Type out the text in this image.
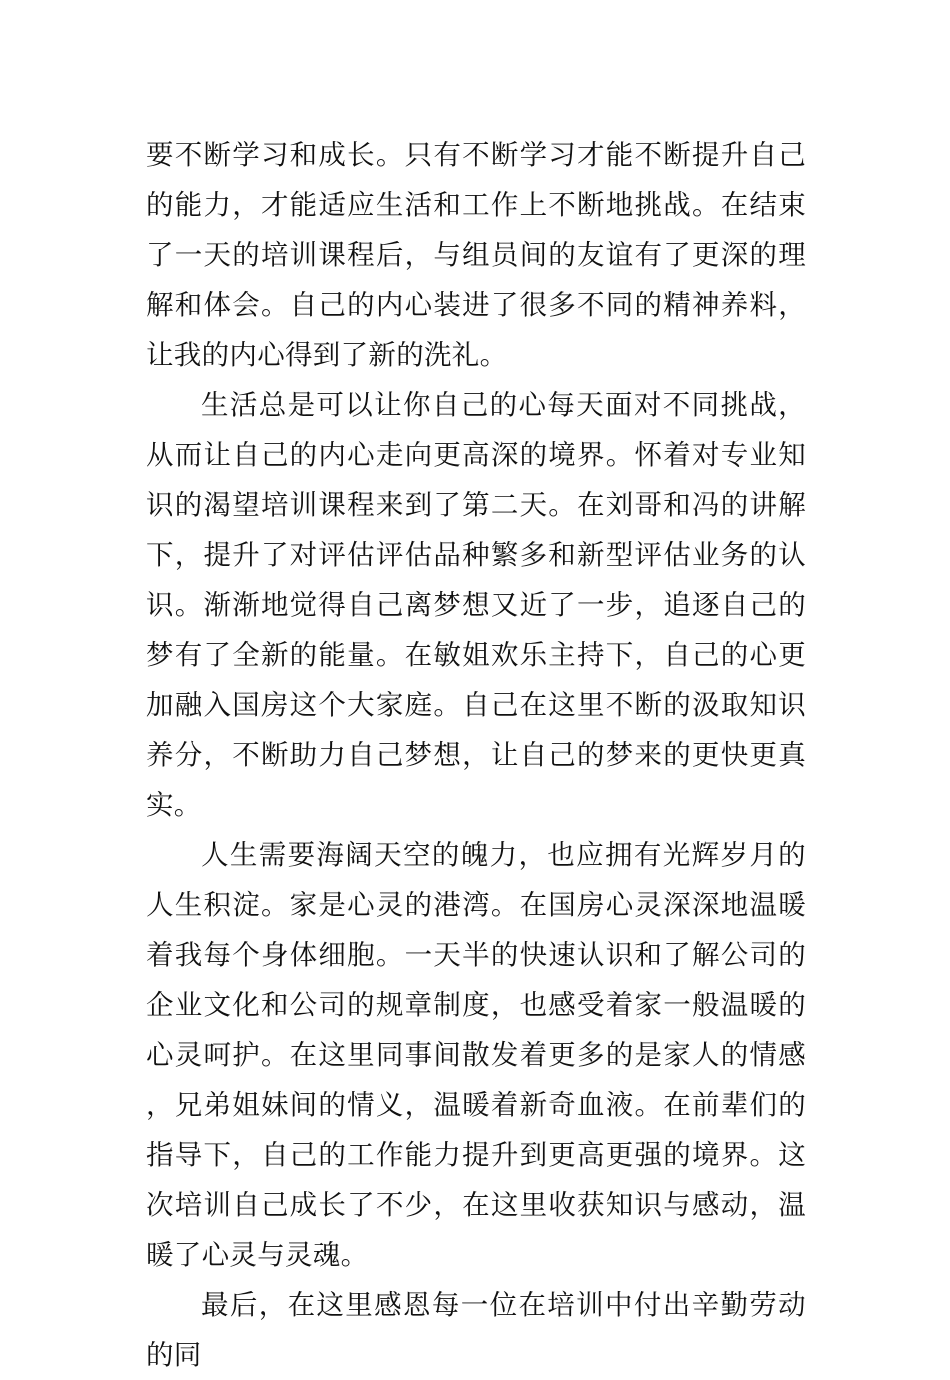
要不断学习和成长。只有不断学习才能不断提升自己的能力，才能适应生活和工作上不断地挑战。在结束了一天的培训课程后，与组员间的友谊有了更深的理解和体会。自己的内心装进了很多不同的精神养料，让我的内心得到了新的洗礼。

生活总是可以让你自己的心每天面对不同挑战，从而让自己的内心走向更高深的境界。怀着对专业知识的渴望培训课程来到了第二天。在刘哥和冯的讲解下，提升了对评估评估品种繁多和新型评估业务的认识。渐渐地觉得自己离梦想又近了一步，追逐自己的梦有了全新的能量。在敏姐欢乐主持下，自己的心更加融入国房这个大家庭。自己在这里不断的汲取知识养分，不断助力自己梦想，让自己的梦来的更快更真实。

人生需要海阔天空的魄力，也应拥有光辉岁月的人生积淀。家是心灵的港湾。在国房心灵深深地温暖着我每个身体细胞。一天半的快速认识和了解公司的企业文化和公司的规章制度，也感受着家一般温暖的心灵呵护。在这里同事间散发着更多的是家人的情感，兄弟姐妹间的情义，温暖着新奇血液。在前辈们的指导下，自己的工作能力提升到更高更强的境界。这次培训自己成长了不少，在这里收获知识与感动，温暖了心灵与灵魂。

最后，在这里感恩每一位在培训中付出辛勤劳动的同
